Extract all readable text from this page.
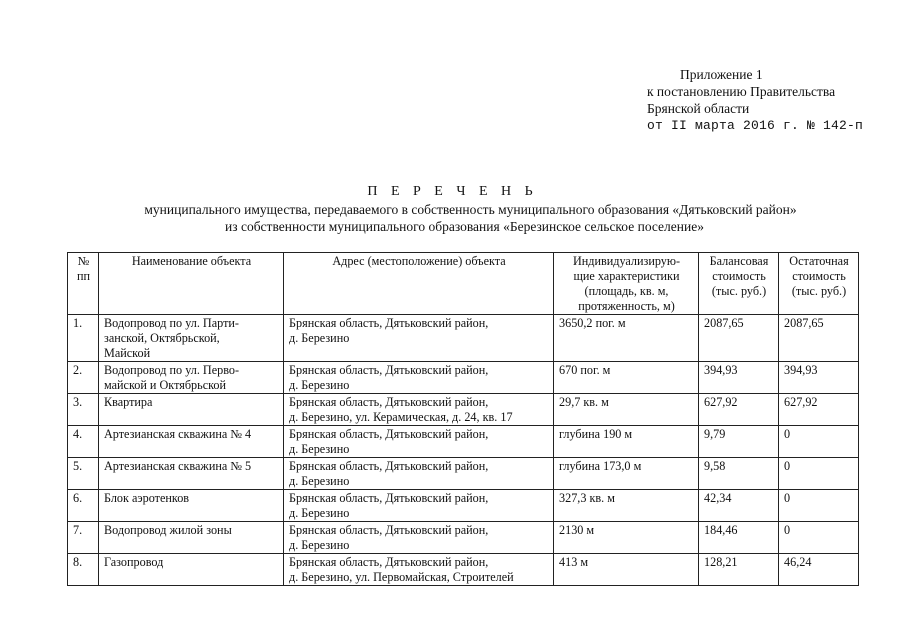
Приложение 1
к постановлению Правительства
Брянской области
от II марта 2016 г. № 142-п
П Е Р Е Ч Е Н Ь
муниципального имущества, передаваемого в собственность муниципального образования «Дятьковский район»
из собственности муниципального образования «Березинское сельское поселение»
№
пп	Наименование объекта	Адрес (местоположение) объекта	Индивидуализирую-
щие характеристики
(площадь, кв. м,
протяженность, м)	Балансовая
стоимость
(тыс. руб.)	Остаточная
стоимость
(тыс. руб.)

1.	Водопровод по ул. Парти-
занской, Октябрьской,
Майской	Брянская область, Дятьковский район,
д. Березино	3650,2 пог. м	2087,65	2087,65

2.	Водопровод по ул. Перво-
майской и Октябрьской	Брянская область, Дятьковский район,
д. Березино	670 пог. м	394,93	394,93

3.	Квартира	Брянская область, Дятьковский район,
д. Березино, ул. Керамическая, д. 24, кв. 17	29,7 кв. м	627,92	627,92

4.	Артезианская скважина № 4	Брянская область, Дятьковский район,
д. Березино	глубина 190 м	9,79	0

5.	Артезианская скважина № 5	Брянская область, Дятьковский район,
д. Березино	глубина 173,0 м	9,58	0

6.	Блок аэротенков	Брянская область, Дятьковский район,
д. Березино	327,3 кв. м	42,34	0

7.	Водопровод жилой зоны	Брянская область, Дятьковский район,
д. Березино	2130 м	184,46	0

8.	Газопровод	Брянская область, Дятьковский район,
д. Березино, ул. Первомайская, Строителей	413 м	128,21	46,24
